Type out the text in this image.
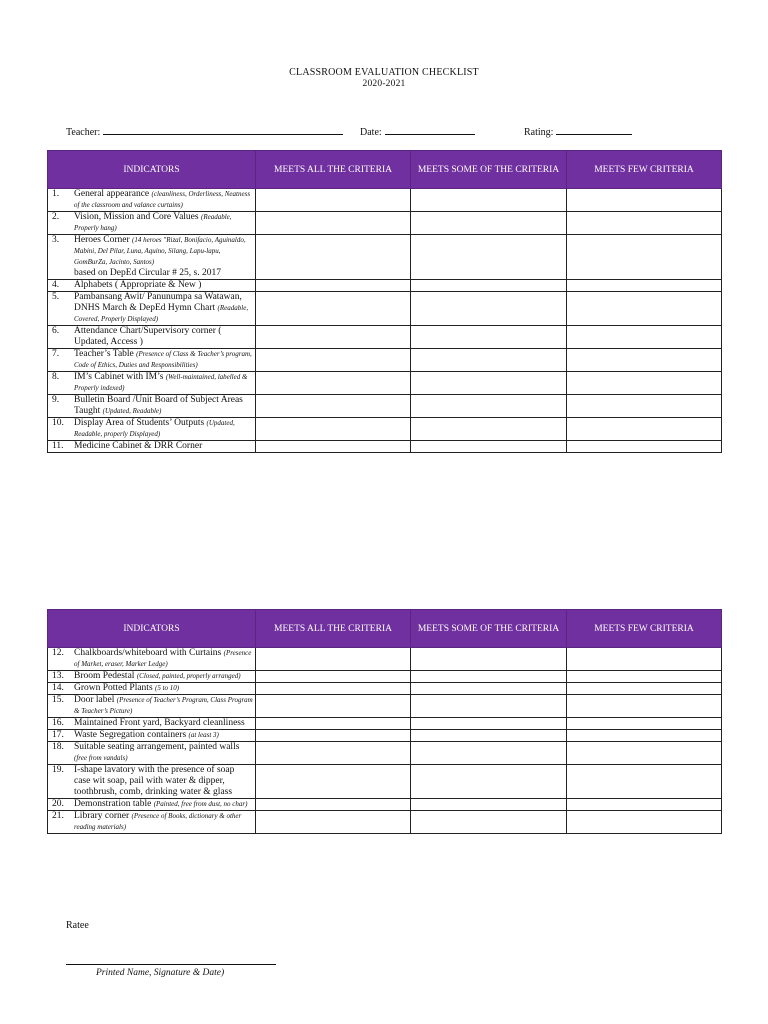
CLASSROOM EVALUATION CHECKLIST
2020-2021
Teacher:	Date:	Rating:
INDICATORS	MEETS ALL THE CRITERIA	MEETS SOME OF THE CRITERIA	MEETS FEW CRITERIA

1. General appearance (cleanliness, Orderliness, Neatness of the classroom and valance curtains)			

2. Vision, Mission and Core Values (Readable, Properly hang)			

3. Heroes Corner (14 heroes "Rizal, Bonifacio, Aguinaldo, Mabini, Del Pilar, Luna, Aquino, Silang, Lapu-lapu, GomBurZa, Jacinto, Santos)
based on DepEd Circular # 25, s. 2017			

4. Alphabets ( Appropriate & New )			

5. Pambansang Awit/ Panunumpa sa Watawan, DNHS March & DepEd Hymn Chart (Readable, Covered, Properly Displayed)			

6. Attendance Chart/Supervisory corner ( Updated, Access )			

7. Teacher’s Table (Presence of Class & Teacher’s program, Code of Ethics, Duties and Responsibilities)			

8. IM’s Cabinet with IM’s (Well-maintained, labelled & Properly indexed)			

9. Bulletin Board /Unit Board of Subject Areas Taught (Updated, Readable)			

10. Display Area of Students’ Outputs (Updated, Readable, properly Displayed)			

11. Medicine Cabinet & DRR Corner			
INDICATORS	MEETS ALL THE CRITERIA	MEETS SOME OF THE CRITERIA	MEETS FEW CRITERIA

12. Chalkboards/whiteboard with Curtains (Presence of Market, eraser, Marker Ledge)			

13. Broom Pedestal (Closed, painted, properly arranged)			

14. Grown Potted Plants (5 to 10)			

15. Door label (Presence of Teacher’s Program, Class Program & Teacher’s Picture)			

16. Maintained Front yard, Backyard cleanliness			

17. Waste Segregation containers (at least 3)			

18. Suitable seating arrangement, painted walls (free from vandals)			

19. I-shape lavatory with the presence of soap case wit soap, pail with water & dipper, toothbrush, comb, drinking water & glass			

20. Demonstration table (Painted, free from dust, no char)			

21. Library corner (Presence of Books, dictionary & other reading materials)			
Ratee
Printed Name, Signature & Date)
